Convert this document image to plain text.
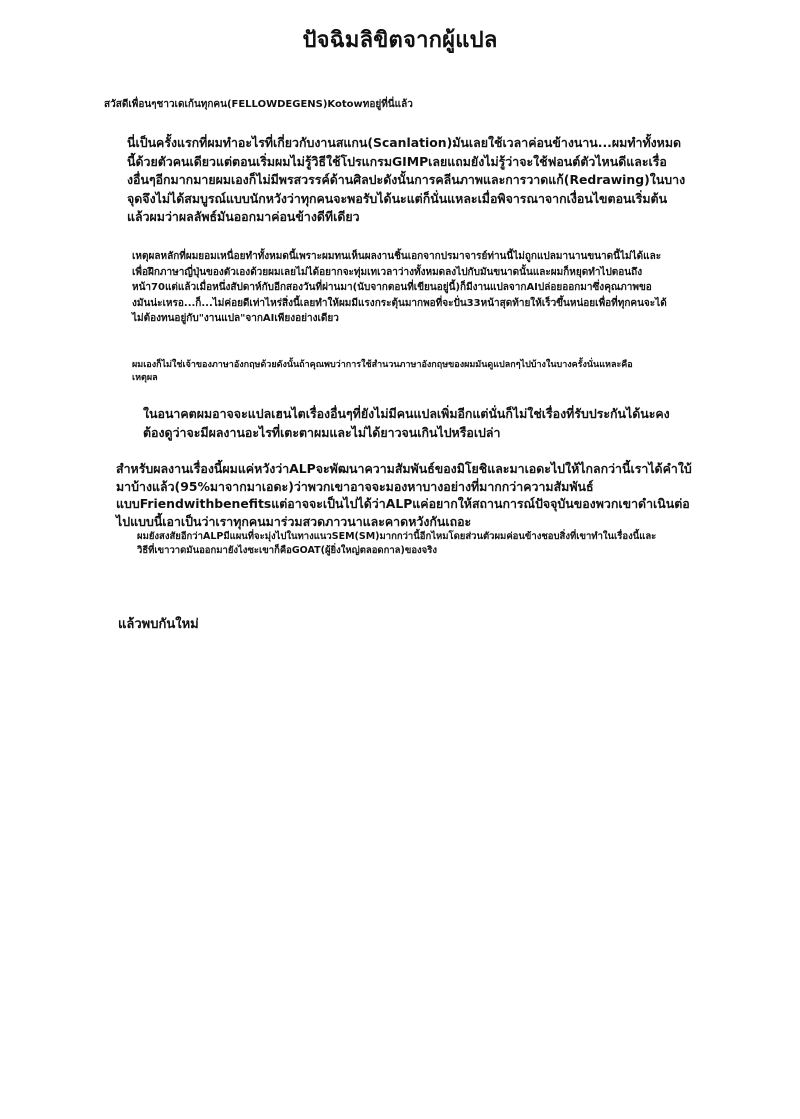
ปัจฉิมลิขิตจากผู้แปล
สวัสดีเพื่อนๆชาวเดเก้นทุกคน(FELLOWDEGENS)Kotowทอยู่ที่นี่แล้ว
นี่เป็นครั้งแรกที่ผมทำอะไรที่เกี่ยวกับงานสแกน(Scanlation)มันเลยใช้เวลาค่อนข้างนาน...ผมทำทั้งหมดนี้ด้วยตัวคนเดียวแต่ตอนเริ่มผมไม่รู้วิธีใช้โปรแกรมGIMPเลยแถมยังไม่รู้ว่าจะใช้ฟอนต์ตัวไหนดีและเรื่องอื่นๆอีกมากมายผมเองก็ไม่มีพรสวรรค์ด้านศิลปะดังนั้นการคลีนภาพและการวาดแก้(Redrawing)ในบางจุดจึงไม่ได้สมบูรณ์แบบนักหวังว่าทุกคนจะพอรับได้นะแต่ก็นั่นแหละเมื่อพิจารณาจากเงื่อนไขตอนเริ่มต้นแล้วผมว่าผลลัพธ์มันออกมาค่อนข้างดีทีเดียว
เหตุผลหลักที่ผมยอมเหนื่อยทำทั้งหมดนี้เพราะผมทนเห็นผลงานชิ้นเอกจากปรมาจารย์ท่านนี้ไม่ถูกแปลมานานขนาดนี้ไม่ได้และเพื่อฝึกภาษาญี่ปุ่นของตัวเองด้วยผมเลยไม่ได้อยากจะทุ่มเทเวลาว่างทั้งหมดลงไปกับมันขนาดนั้นและผมก็หยุดทำไปตอนถึงหน้า70แต่แล้วเมื่อหนึ่งสัปดาห์กับอีกสองวันที่ผ่านมา(นับจากตอนที่เขียนอยู่นี้)ก็มีงานแปลจากAIปล่อยออกมาซึ่งคุณภาพของมันน่ะเหรอ...ก็...ไม่ค่อยดีเท่าไหร่สิ่งนี้เลยทำให้ผมมีแรงกระตุ้นมากพอที่จะปั่น33หน้าสุดท้ายให้เร็วขึ้นหน่อยเพื่อที่ทุกคนจะได้ไม่ต้องทนอยู่กับ"งานแปล"จากAIเพียงอย่างเดียว
ผมเองก็ไม่ใช่เจ้าของภาษาอังกฤษด้วยดังนั้นถ้าคุณพบว่าการใช้สำนวนภาษาอังกฤษของผมมันดูแปลกๆไปบ้างในบางครั้งนั่นแหละคือเหตุผล
ในอนาคตผมอาจจะแปลเฮนไตเรื่องอื่นๆที่ยังไม่มีคนแปลเพิ่มอีกแต่นั่นก็ไม่ใช่เรื่องที่รับประกันได้นะคงต้องดูว่าจะมีผลงานอะไรที่เตะตาผมและไม่ได้ยาวจนเกินไปหรือเปล่า
สำหรับผลงานเรื่องนี้ผมแค่หวังว่าALPจะพัฒนาความสัมพันธ์ของมิโยชิและมาเอดะไปให้ไกลกว่านี้เราได้คำใบ้มาบ้างแล้ว(95%มาจากมาเอดะ)ว่าพวกเขาอาจจะมองหาบางอย่างที่มากกว่าความสัมพันธ์แบบFriendwithbenefitsแต่อาจจะเป็นไปได้ว่าALPแค่อยากให้สถานการณ์ปัจจุบันของพวกเขาดำเนินต่อไปแบบนี้เอาเป็นว่าเราทุกคนมาร่วมสวดภาวนาและคาดหวังกันเถอะ
ผมยังสงสัยอีกว่าALPมีแผนที่จะมุ่งไปในทางแนวSEM(SM)มากกว่านี้อีกไหมโดยส่วนตัวผมค่อนข้างชอบสิ่งที่เขาทำในเรื่องนี้และวิธีที่เขาวาดมันออกมายังไงซะเขาก็คือGOAT(ผู้ยิ่งใหญ่ตลอดกาล)ของจริง
แล้วพบกันใหม่
